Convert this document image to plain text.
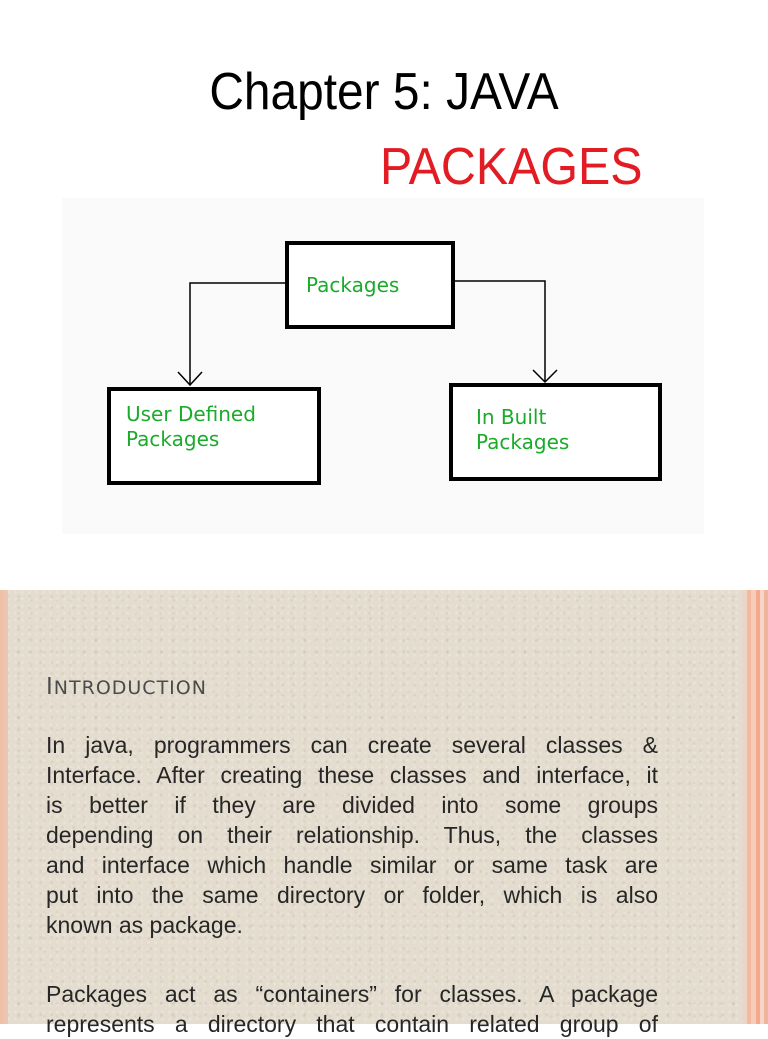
Chapter 5: JAVA
PACKAGES
Packages
User Defined
Packages
In Built
Packages
INTRODUCTION
In java, programmers can create several classes &
Interface. After creating these classes and interface, it
is better if they are divided into some groups
depending on their relationship. Thus, the classes
and interface which handle similar or same task are
put into the same directory or folder, which is also
known as package.
Packages act as “containers” for classes. A package
represents a directory that contain related group of
